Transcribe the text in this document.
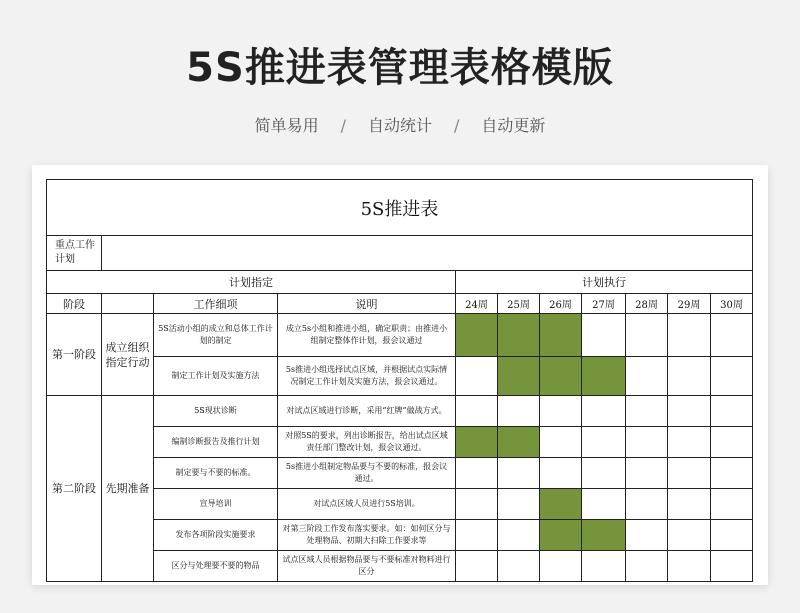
5S推进表管理表格模版
简单易用 / 自动统计 / 自动更新
5S推进表										
重点工作计划										
计划指定				计划执行						
阶段		工作细项	说明	24周	25周	26周	27周	28周	29周	30周
第一阶段	成立组织指定行动	5S活动小组的成立和总体工作计划的制定	成立5s小组和推进小组，确定职责；由推进小组制定整体作计划，报会议通过							
		制定工作计划及实施方法	5s推进小组选择试点区域，并根据试点实际情况制定工作计划及实施方法，报会议通过。							
第二阶段	先期准备	5S现状诊断	对试点区域进行诊断，采用“红牌”做战方式。							
		编制诊断报告及推行计划	对照5S的要求，列出诊断报告，给出试点区域责任部门整改计划，报会议通过。							
		制定要与不要的标准。	5s推进小组制定物品要与不要的标准，报会议通过。							
		宣导培训	对试点区域人员进行5S培训。							
		发布各项阶段实施要求	对第三阶段工作发布落实要求。如：如何区分与处理物品、初期大扫除工作要求等							
		区分与处理要不要的物品	试点区域人员根据物品要与不要标准对物料进行区分							
